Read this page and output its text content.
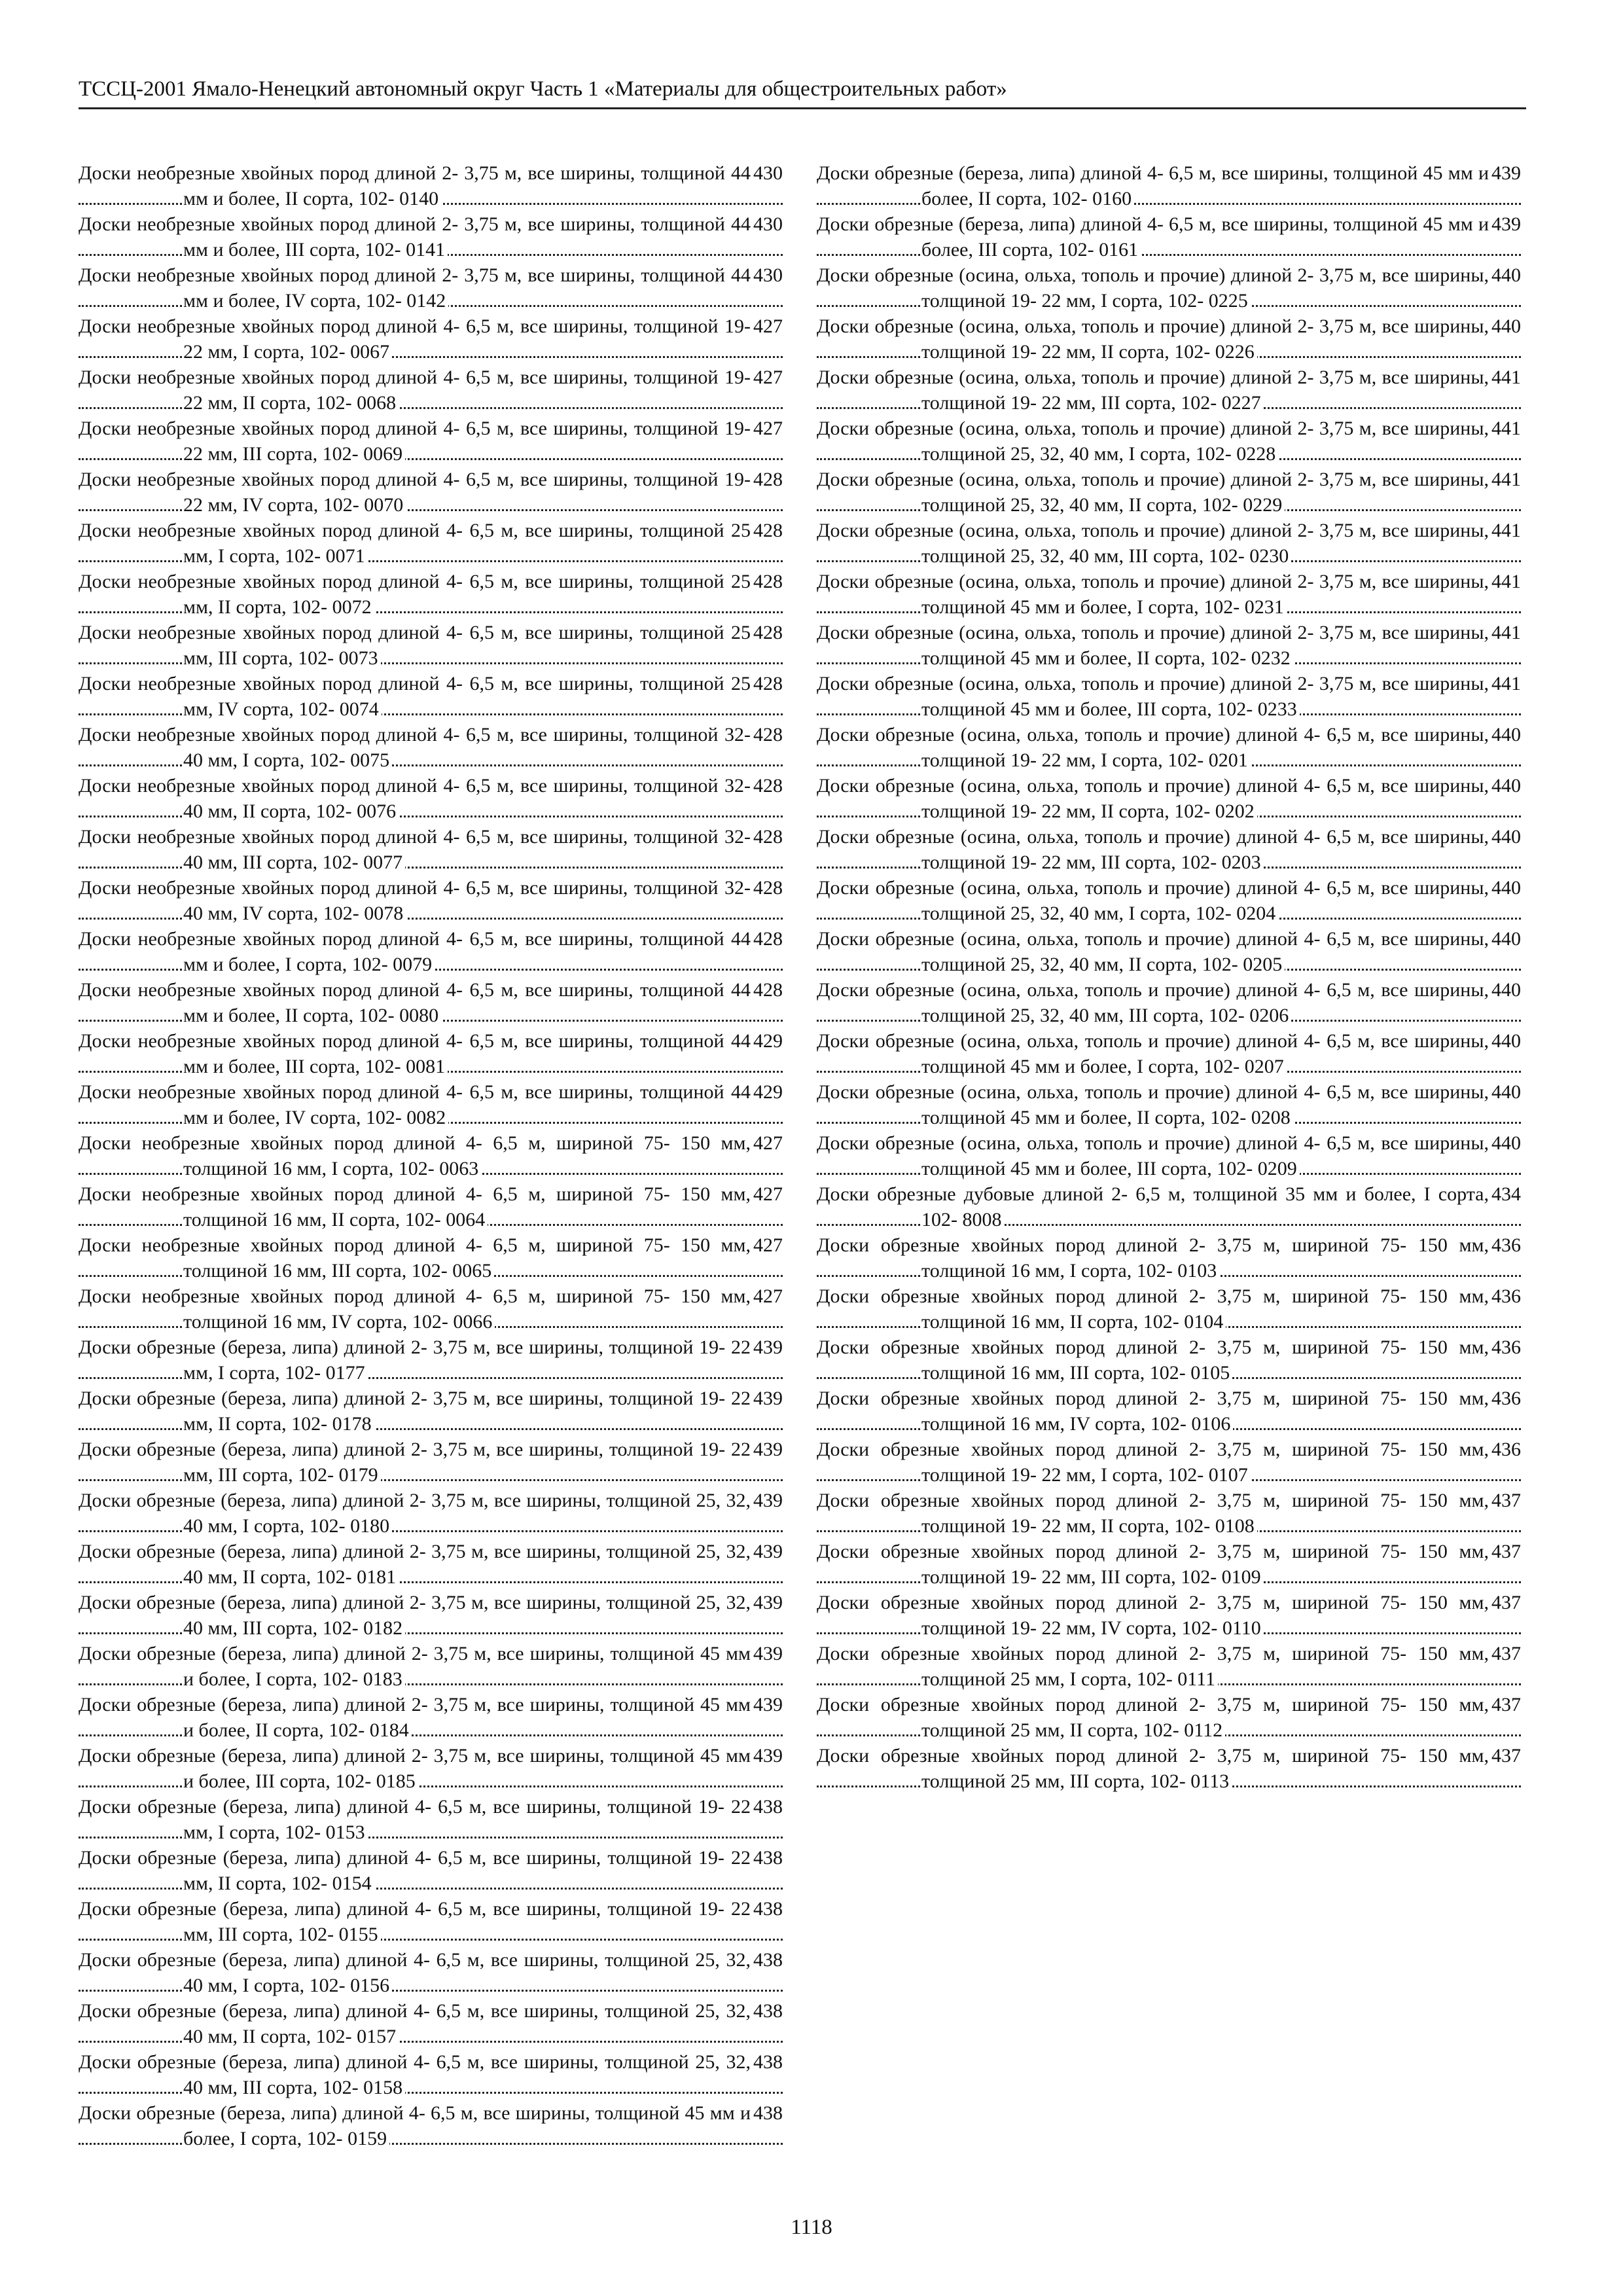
ТССЦ-2001 Ямало-Ненецкий автономный округ Часть 1 «Материалы для общестроительных работ»
430
Доски необрезные хвойных пород длиной 2- 3,75 м, все ширины, толщиной 44 мм и более, II сорта, 102- 0140
430
Доски необрезные хвойных пород длиной 2- 3,75 м, все ширины, толщиной 44 мм и более, III сорта, 102- 0141
430
Доски необрезные хвойных пород длиной 2- 3,75 м, все ширины, толщиной 44 мм и более, IV сорта, 102- 0142
427
Доски необрезные хвойных пород длиной 4- 6,5 м, все ширины, толщиной 19- 22 мм, I сорта, 102- 0067
427
Доски необрезные хвойных пород длиной 4- 6,5 м, все ширины, толщиной 19- 22 мм, II сорта, 102- 0068
427
Доски необрезные хвойных пород длиной 4- 6,5 м, все ширины, толщиной 19- 22 мм, III сорта, 102- 0069
428
Доски необрезные хвойных пород длиной 4- 6,5 м, все ширины, толщиной 19- 22 мм, IV сорта, 102- 0070
428
Доски необрезные хвойных пород длиной 4- 6,5 м, все ширины, толщиной 25 мм, I сорта, 102- 0071
428
Доски необрезные хвойных пород длиной 4- 6,5 м, все ширины, толщиной 25 мм, II сорта, 102- 0072
428
Доски необрезные хвойных пород длиной 4- 6,5 м, все ширины, толщиной 25 мм, III сорта, 102- 0073
428
Доски необрезные хвойных пород длиной 4- 6,5 м, все ширины, толщиной 25 мм, IV сорта, 102- 0074
428
Доски необрезные хвойных пород длиной 4- 6,5 м, все ширины, толщиной 32- 40 мм, I сорта, 102- 0075
428
Доски необрезные хвойных пород длиной 4- 6,5 м, все ширины, толщиной 32- 40 мм, II сорта, 102- 0076
428
Доски необрезные хвойных пород длиной 4- 6,5 м, все ширины, толщиной 32- 40 мм, III сорта, 102- 0077
428
Доски необрезные хвойных пород длиной 4- 6,5 м, все ширины, толщиной 32- 40 мм, IV сорта, 102- 0078
428
Доски необрезные хвойных пород длиной 4- 6,5 м, все ширины, толщиной 44 мм и более, I сорта, 102- 0079
428
Доски необрезные хвойных пород длиной 4- 6,5 м, все ширины, толщиной 44 мм и более, II сорта, 102- 0080
429
Доски необрезные хвойных пород длиной 4- 6,5 м, все ширины, толщиной 44 мм и более, III сорта, 102- 0081
429
Доски необрезные хвойных пород длиной 4- 6,5 м, все ширины, толщиной 44 мм и более, IV сорта, 102- 0082
427
Доски необрезные хвойных пород длиной 4- 6,5 м, шириной 75- 150 мм, толщиной 16 мм, I сорта, 102- 0063
427
Доски необрезные хвойных пород длиной 4- 6,5 м, шириной 75- 150 мм, толщиной 16 мм, II сорта, 102- 0064
427
Доски необрезные хвойных пород длиной 4- 6,5 м, шириной 75- 150 мм, толщиной 16 мм, III сорта, 102- 0065
427
Доски необрезные хвойных пород длиной 4- 6,5 м, шириной 75- 150 мм, толщиной 16 мм, IV сорта, 102- 0066
439
Доски обрезные (береза, липа) длиной 2- 3,75 м, все ширины, толщиной 19- 22 мм, I сорта, 102- 0177
439
Доски обрезные (береза, липа) длиной 2- 3,75 м, все ширины, толщиной 19- 22 мм, II сорта, 102- 0178
439
Доски обрезные (береза, липа) длиной 2- 3,75 м, все ширины, толщиной 19- 22 мм, III сорта, 102- 0179
439
Доски обрезные (береза, липа) длиной 2- 3,75 м, все ширины, толщиной 25, 32, 40 мм, I сорта, 102- 0180
439
Доски обрезные (береза, липа) длиной 2- 3,75 м, все ширины, толщиной 25, 32, 40 мм, II сорта, 102- 0181
439
Доски обрезные (береза, липа) длиной 2- 3,75 м, все ширины, толщиной 25, 32, 40 мм, III сорта, 102- 0182
439
Доски обрезные (береза, липа) длиной 2- 3,75 м, все ширины, толщиной 45 мм и более, I сорта, 102- 0183
439
Доски обрезные (береза, липа) длиной 2- 3,75 м, все ширины, толщиной 45 мм и более, II сорта, 102- 0184
439
Доски обрезные (береза, липа) длиной 2- 3,75 м, все ширины, толщиной 45 мм и более, III сорта, 102- 0185
438
Доски обрезные (береза, липа) длиной 4- 6,5 м, все ширины, толщиной 19- 22 мм, I сорта, 102- 0153
438
Доски обрезные (береза, липа) длиной 4- 6,5 м, все ширины, толщиной 19- 22 мм, II сорта, 102- 0154
438
Доски обрезные (береза, липа) длиной 4- 6,5 м, все ширины, толщиной 19- 22 мм, III сорта, 102- 0155
438
Доски обрезные (береза, липа) длиной 4- 6,5 м, все ширины, толщиной 25, 32, 40 мм, I сорта, 102- 0156
438
Доски обрезные (береза, липа) длиной 4- 6,5 м, все ширины, толщиной 25, 32, 40 мм, II сорта, 102- 0157
438
Доски обрезные (береза, липа) длиной 4- 6,5 м, все ширины, толщиной 25, 32, 40 мм, III сорта, 102- 0158
438
Доски обрезные (береза, липа) длиной 4- 6,5 м, все ширины, толщиной 45 мм и более, I сорта, 102- 0159
439
Доски обрезные (береза, липа) длиной 4- 6,5 м, все ширины, толщиной 45 мм и более, II сорта, 102- 0160
439
Доски обрезные (береза, липа) длиной 4- 6,5 м, все ширины, толщиной 45 мм и более, III сорта, 102- 0161
440
Доски обрезные (осина, ольха, тополь и прочие) длиной 2- 3,75 м, все ширины, толщиной 19- 22 мм, I сорта, 102- 0225
440
Доски обрезные (осина, ольха, тополь и прочие) длиной 2- 3,75 м, все ширины, толщиной 19- 22 мм, II сорта, 102- 0226
441
Доски обрезные (осина, ольха, тополь и прочие) длиной 2- 3,75 м, все ширины, толщиной 19- 22 мм, III сорта, 102- 0227
441
Доски обрезные (осина, ольха, тополь и прочие) длиной 2- 3,75 м, все ширины, толщиной 25, 32, 40 мм, I сорта, 102- 0228
441
Доски обрезные (осина, ольха, тополь и прочие) длиной 2- 3,75 м, все ширины, толщиной 25, 32, 40 мм, II сорта, 102- 0229
441
Доски обрезные (осина, ольха, тополь и прочие) длиной 2- 3,75 м, все ширины, толщиной 25, 32, 40 мм, III сорта, 102- 0230
441
Доски обрезные (осина, ольха, тополь и прочие) длиной 2- 3,75 м, все ширины, толщиной 45 мм и более, I сорта, 102- 0231
441
Доски обрезные (осина, ольха, тополь и прочие) длиной 2- 3,75 м, все ширины, толщиной 45 мм и более, II сорта, 102- 0232
441
Доски обрезные (осина, ольха, тополь и прочие) длиной 2- 3,75 м, все ширины, толщиной 45 мм и более, III сорта, 102- 0233
440
Доски обрезные (осина, ольха, тополь и прочие) длиной 4- 6,5 м, все ширины, толщиной 19- 22 мм, I сорта, 102- 0201
440
Доски обрезные (осина, ольха, тополь и прочие) длиной 4- 6,5 м, все ширины, толщиной 19- 22 мм, II сорта, 102- 0202
440
Доски обрезные (осина, ольха, тополь и прочие) длиной 4- 6,5 м, все ширины, толщиной 19- 22 мм, III сорта, 102- 0203
440
Доски обрезные (осина, ольха, тополь и прочие) длиной 4- 6,5 м, все ширины, толщиной 25, 32, 40 мм, I сорта, 102- 0204
440
Доски обрезные (осина, ольха, тополь и прочие) длиной 4- 6,5 м, все ширины, толщиной 25, 32, 40 мм, II сорта, 102- 0205
440
Доски обрезные (осина, ольха, тополь и прочие) длиной 4- 6,5 м, все ширины, толщиной 25, 32, 40 мм, III сорта, 102- 0206
440
Доски обрезные (осина, ольха, тополь и прочие) длиной 4- 6,5 м, все ширины, толщиной 45 мм и более, I сорта, 102- 0207
440
Доски обрезные (осина, ольха, тополь и прочие) длиной 4- 6,5 м, все ширины, толщиной 45 мм и более, II сорта, 102- 0208
440
Доски обрезные (осина, ольха, тополь и прочие) длиной 4- 6,5 м, все ширины, толщиной 45 мм и более, III сорта, 102- 0209
434
Доски обрезные дубовые длиной 2- 6,5 м, толщиной 35 мм и более, I сорта, 102- 8008
436
Доски обрезные хвойных пород длиной 2- 3,75 м, шириной 75- 150 мм, толщиной 16 мм, I сорта, 102- 0103
436
Доски обрезные хвойных пород длиной 2- 3,75 м, шириной 75- 150 мм, толщиной 16 мм, II сорта, 102- 0104
436
Доски обрезные хвойных пород длиной 2- 3,75 м, шириной 75- 150 мм, толщиной 16 мм, III сорта, 102- 0105
436
Доски обрезные хвойных пород длиной 2- 3,75 м, шириной 75- 150 мм, толщиной 16 мм, IV сорта, 102- 0106
436
Доски обрезные хвойных пород длиной 2- 3,75 м, шириной 75- 150 мм, толщиной 19- 22 мм, I сорта, 102- 0107
437
Доски обрезные хвойных пород длиной 2- 3,75 м, шириной 75- 150 мм, толщиной 19- 22 мм, II сорта, 102- 0108
437
Доски обрезные хвойных пород длиной 2- 3,75 м, шириной 75- 150 мм, толщиной 19- 22 мм, III сорта, 102- 0109
437
Доски обрезные хвойных пород длиной 2- 3,75 м, шириной 75- 150 мм, толщиной 19- 22 мм, IV сорта, 102- 0110
437
Доски обрезные хвойных пород длиной 2- 3,75 м, шириной 75- 150 мм, толщиной 25 мм, I сорта, 102- 0111
437
Доски обрезные хвойных пород длиной 2- 3,75 м, шириной 75- 150 мм, толщиной 25 мм, II сорта, 102- 0112
437
Доски обрезные хвойных пород длиной 2- 3,75 м, шириной 75- 150 мм, толщиной 25 мм, III сорта, 102- 0113
1118
